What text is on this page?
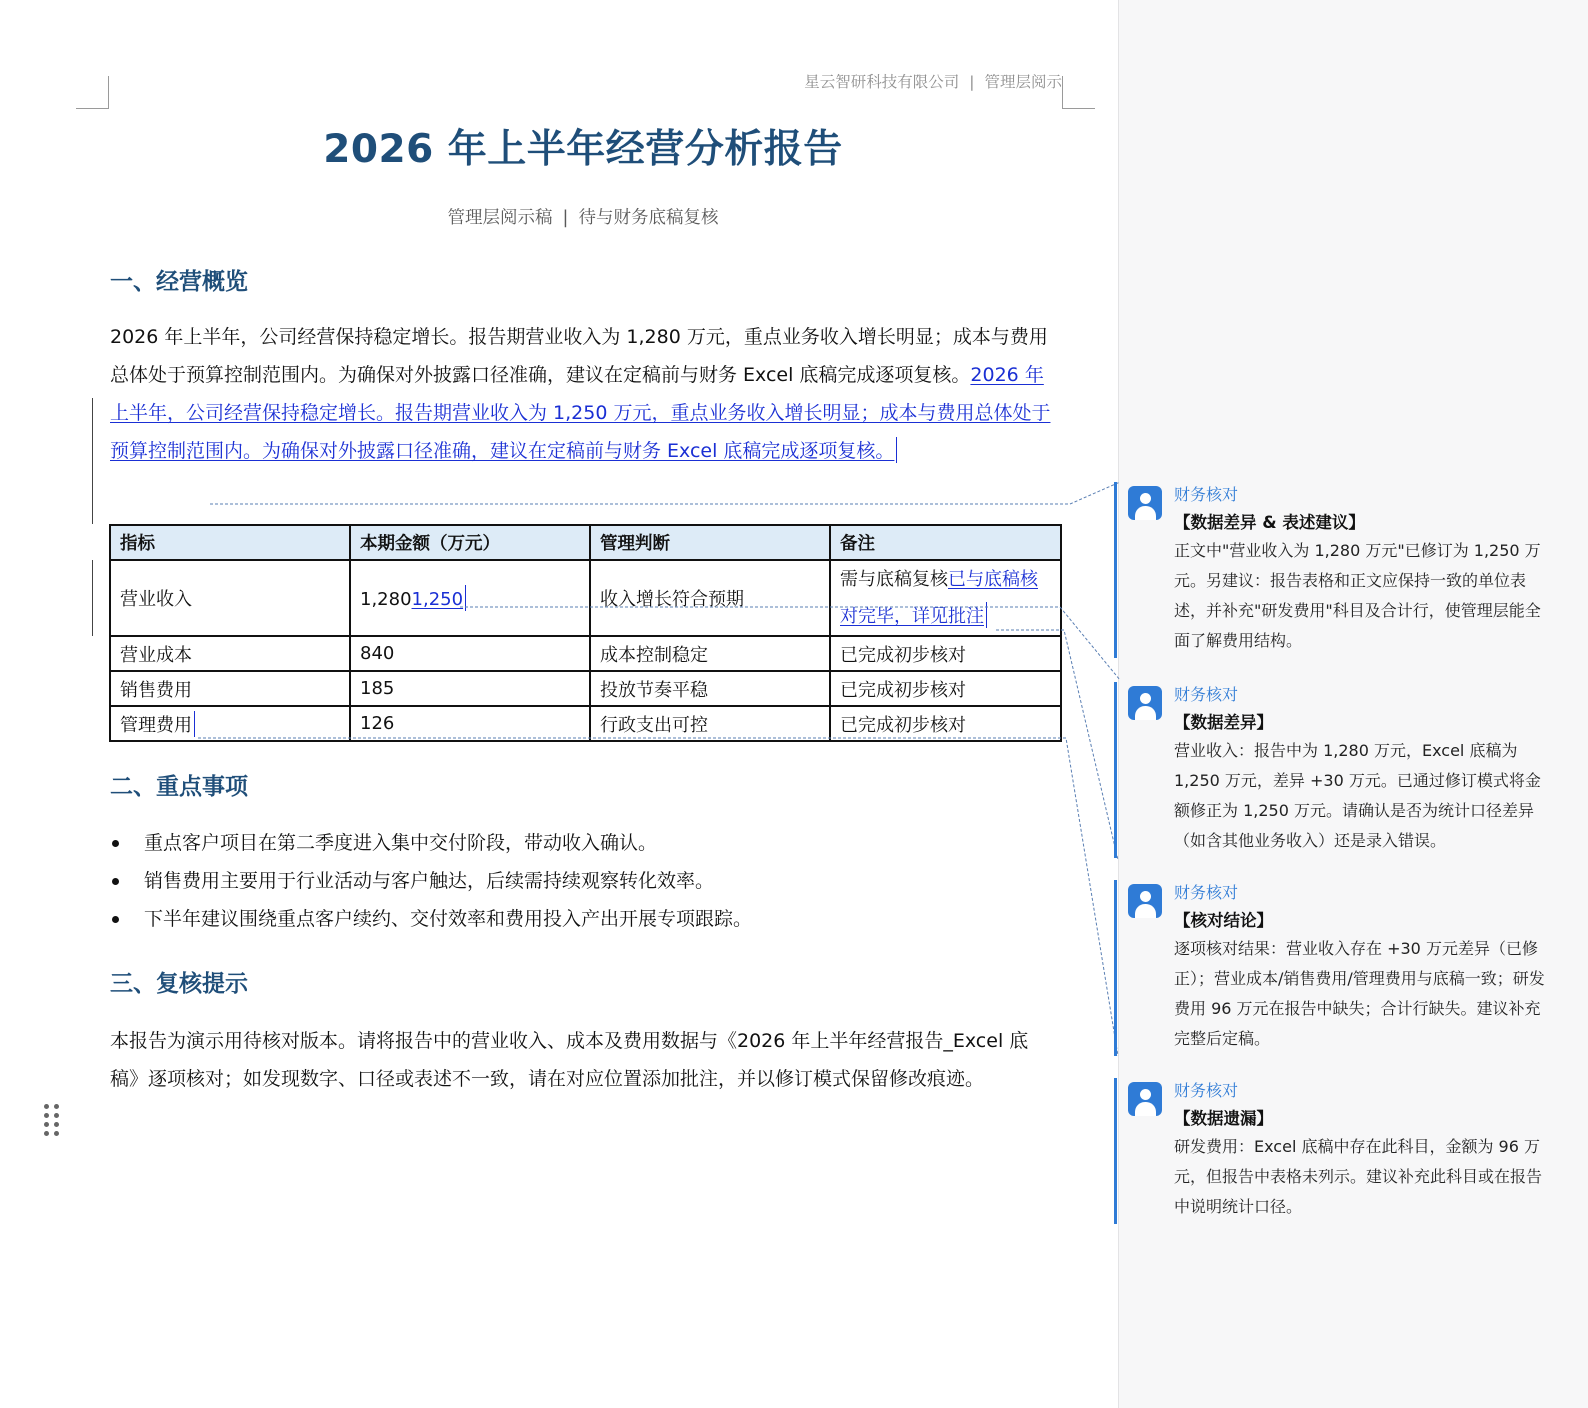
星云智研科技有限公司 | 管理层阅示
2026 年上半年经营分析报告
管理层阅示稿 | 待与财务底稿复核
一、经营概览
2026 年上半年，公司经营保持稳定增长。报告期营业收入为 1,280 万元，重点业务收入增长明显；成本与费用总体处于预算控制范围内。为确保对外披露口径准确，建议在定稿前与财务 Excel 底稿完成逐项复核。2026 年上半年，公司经营保持稳定增长。报告期营业收入为 1,250 万元，重点业务收入增长明显；成本与费用总体处于预算控制范围内。为确保对外披露口径准确，建议在定稿前与财务 Excel 底稿完成逐项复核。
指标	本期金额（万元）	管理判断	备注
营业收入	1,2801,250	收入增长符合预期	需与底稿复核已与底稿核对完毕，详见批注
营业成本	840	成本控制稳定	已完成初步核对
销售费用	185	投放节奏平稳	已完成初步核对
管理费用	126	行政支出可控	已完成初步核对
二、重点事项
重点客户项目在第二季度进入集中交付阶段，带动收入确认。
销售费用主要用于行业活动与客户触达，后续需持续观察转化效率。
下半年建议围绕重点客户续约、交付效率和费用投入产出开展专项跟踪。
三、复核提示
本报告为演示用待核对版本。请将报告中的营业收入、成本及费用数据与《2026 年上半年经营报告_Excel 底稿》逐项核对；如发现数字、口径或表述不一致，请在对应位置添加批注，并以修订模式保留修改痕迹。
财务核对
【数据差异 & 表述建议】
正文中"营业收入为 1,280 万元"已修订为 1,250 万元。另建议：报告表格和正文应保持一致的单位表述，并补充"研发费用"科目及合计行，使管理层能全面了解费用结构。
财务核对
【数据差异】
营业收入：报告中为 1,280 万元，Excel 底稿为 1,250 万元，差异 +30 万元。已通过修订模式将金额修正为 1,250 万元。请确认是否为统计口径差异（如含其他业务收入）还是录入错误。
财务核对
【核对结论】
逐项核对结果：营业收入存在 +30 万元差异（已修正）；营业成本/销售费用/管理费用与底稿一致；研发费用 96 万元在报告中缺失；合计行缺失。建议补充完整后定稿。
财务核对
【数据遗漏】
研发费用：Excel 底稿中存在此科目，金额为 96 万元，但报告中表格未列示。建议补充此科目或在报告中说明统计口径。
